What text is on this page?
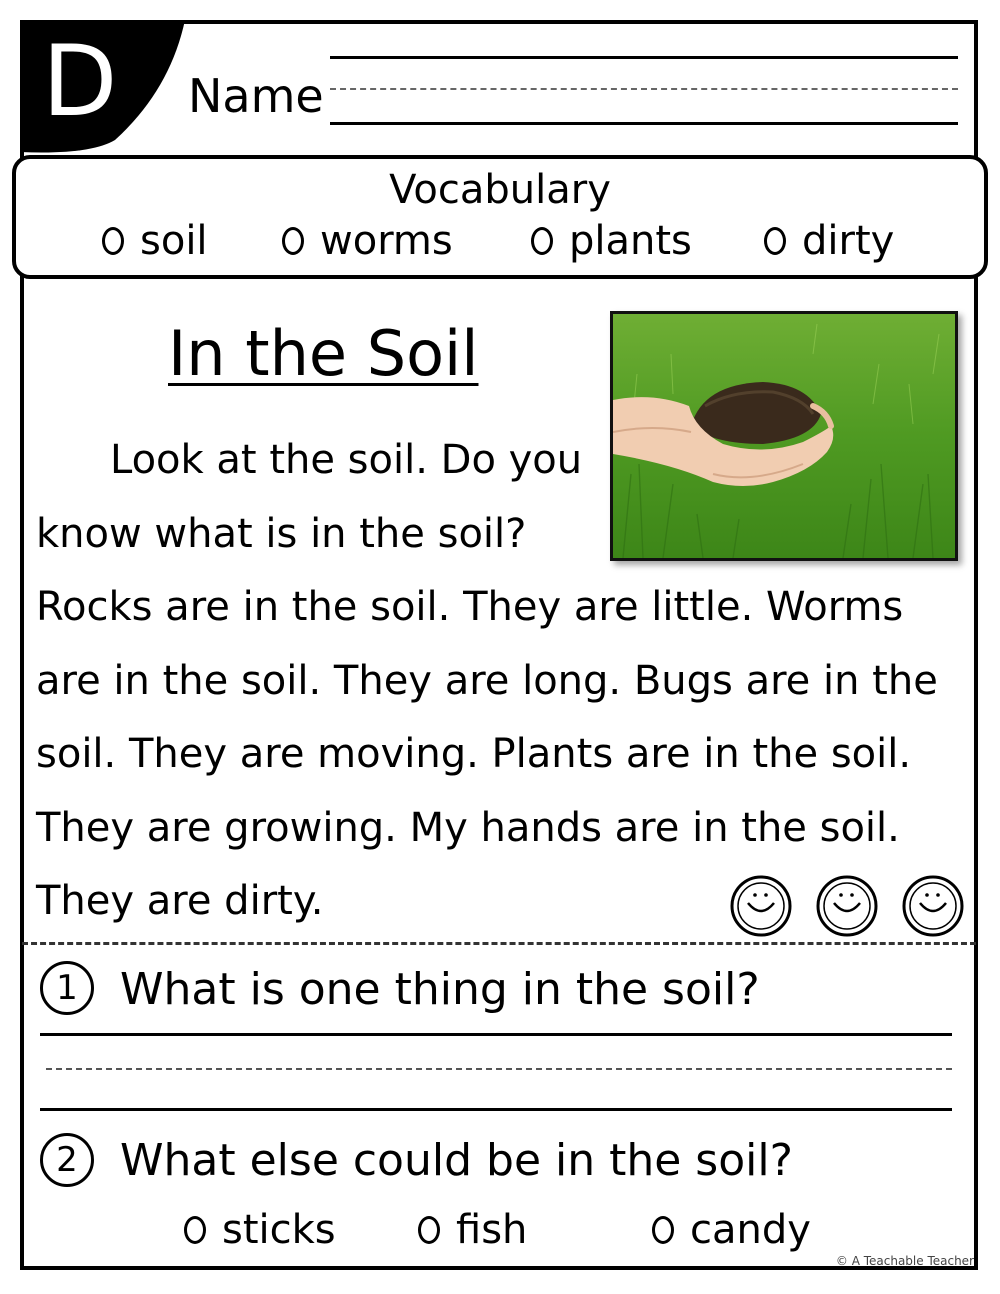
D Name
Vocabulary
soil	worms	plants	dirty
In the Soil
Look at the soil. Do you
know what is in the soil?
Rocks are in the soil. They are little. Worms
are in the soil. They are long. Bugs are in the
soil. They are moving. Plants are in the soil.
They are growing. My hands are in the soil.
They are dirty.
1 What is one thing in the soil?
2 What else could be in the soil?
sticks	fish	candy
© A Teachable Teacher
